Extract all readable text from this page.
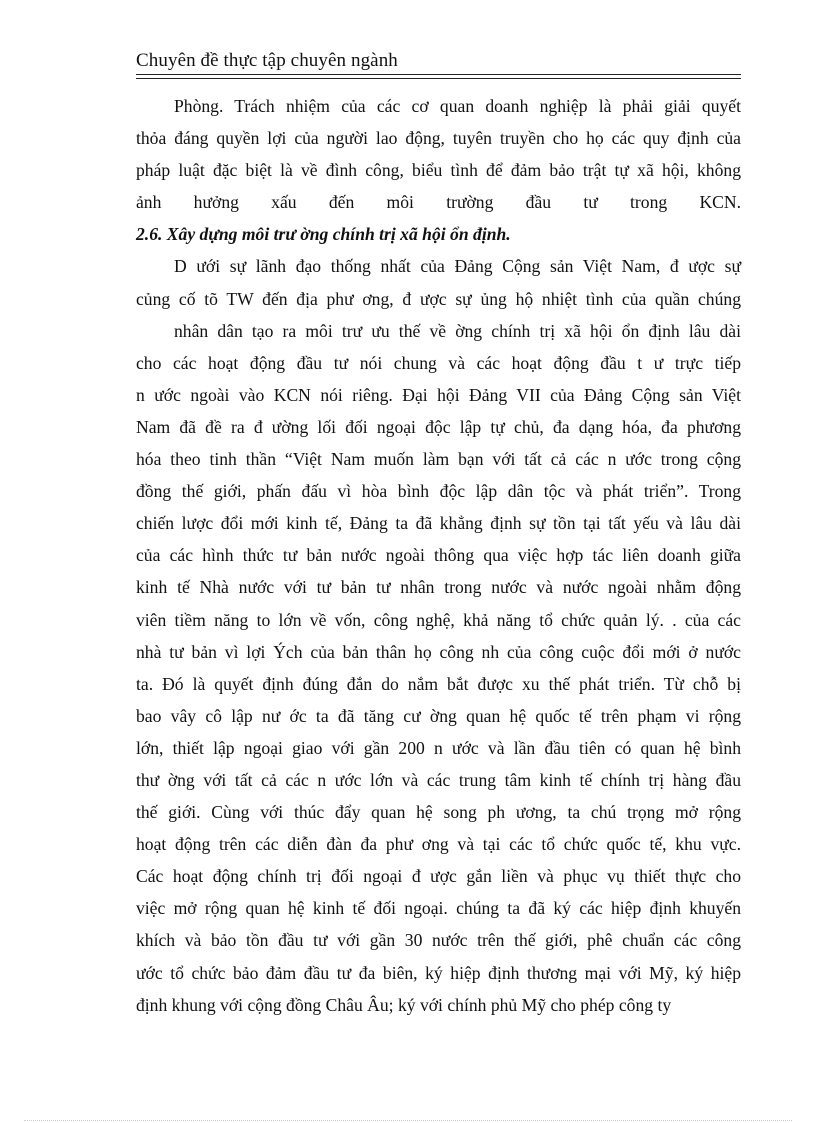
Chuyên đề thực tập chuyên ngành
Phòng. Trách nhiệm của các cơ quan doanh nghiệp là phải giải quyết
thỏa đáng quyền lợi của người lao động, tuyên truyền cho họ các quy định của
pháp luật đặc biệt là về đình công, biểu tình để đảm bảo trật tự xã hội, không
ảnh hưởng xấu đến môi trường đầu tư trong KCN.
2.6. Xây dựng môi trư ờng chính trị xã hội ổn định.
D ưới sự lãnh đạo thống nhất của Đảng Cộng sản Việt Nam, đ ược sự
củng cố tõ TW đến địa phư ơng, đ ược sự ủng hộ nhiệt tình của quần chúng
nhân dân tạo ra môi trư ưu thế về ờng chính trị xã hội ổn định lâu dài
cho các hoạt động đầu tư nói chung và các hoạt động đầu t ư trực tiếp
n ước ngoài vào KCN nói riêng. Đại hội Đảng VII của Đảng Cộng sản Việt
Nam đã đề ra đ ường lối đối ngoại độc lập tự chủ, đa dạng hóa, đa phương
hóa theo tinh thần “Việt Nam muốn làm bạn với tất cả các n ước trong cộng
đồng thế giới, phấn đấu vì hòa bình độc lập dân tộc và phát triển”. Trong
chiến lược đổi mới kinh tế, Đảng ta đã khẳng định sự tồn tại tất yếu và lâu dài
của các hình thức tư bản nước ngoài thông qua việc hợp tác liên doanh giữa
kinh tế Nhà nước với tư bản tư nhân trong nước và nước ngoài nhằm động
viên tiềm năng to lớn về vốn, công nghệ, khả năng tổ chức quản lý. . của các
nhà tư bản vì lợi Ých của bản thân họ công nh của công cuộc đổi mới ở nước
ta. Đó là quyết định đúng đắn do nắm bắt được xu thế phát triển. Từ chỗ bị
bao vây cô lập nư ớc ta đã tăng cư ờng quan hệ quốc tế trên phạm vi rộng
lớn, thiết lập ngoại giao với gần 200 n ước và lần đầu tiên có quan hệ bình
thư ờng với tất cả các n ước lớn và các trung tâm kinh tế chính trị hàng đầu
thế giới. Cùng với thúc đẩy quan hệ song ph ương, ta chú trọng mở rộng
hoạt động trên các diễn đàn đa phư ơng và tại các tổ chức quốc tế, khu vực.
Các hoạt động chính trị đối ngoại đ ược gắn liền và phục vụ thiết thực cho
việc mở rộng quan hệ kinh tế đối ngoại. chúng ta đã ký các hiệp định khuyến
khích và bảo tồn đầu tư với gần 30 nước trên thế giới, phê chuẩn các công
ước tổ chức bảo đảm đầu tư đa biên, ký hiệp định thương mại với Mỹ, ký hiệp
định khung với cộng đồng Châu Âu; ký với chính phủ Mỹ cho phép công ty
